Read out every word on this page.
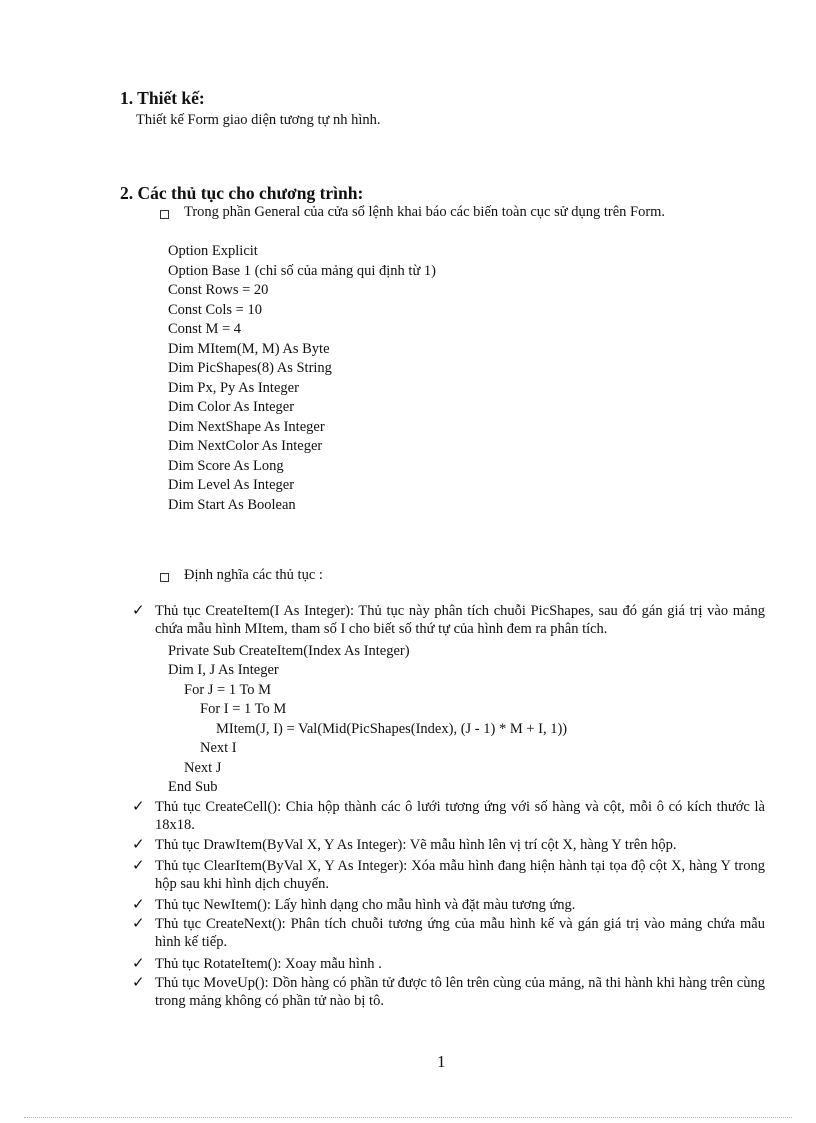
1. Thiết kế:
Thiết kế Form giao diện tương tự nh hình.
2. Các thủ tục cho chương trình:
Trong phần General của cửa sổ lệnh khai báo các biến toàn cục sử dụng trên Form.
Option Explicit
Option Base 1 (chỉ số của mảng qui định từ 1)
Const Rows = 20
Const Cols = 10
Const M = 4
Dim MItem(M, M) As Byte
Dim PicShapes(8) As String
Dim Px, Py As Integer
Dim Color As Integer
Dim NextShape As Integer
Dim NextColor As Integer
Dim Score As Long
Dim Level As Integer
Dim Start As Boolean
Định nghĩa các thủ tục :
✓ Thủ tục CreateItem(I As Integer): Thủ tục này phân tích chuỗi PicShapes, sau đó gán giá trị vào mảng chứa mẫu hình MItem, tham số I cho biết số thứ tự của hình đem ra phân tích.
Private Sub CreateItem(Index As Integer)
Dim I, J As Integer
For J = 1 To M
For I = 1 To M
MItem(J, I) = Val(Mid(PicShapes(Index), (J - 1) * M + I, 1))
Next I
Next J
End Sub
✓ Thủ tục CreateCell(): Chia hộp thành các ô lưới tương ứng với số hàng và cột, mỗi ô có kích thước là 18x18.
✓ Thủ tục DrawItem(ByVal X, Y As Integer): Vẽ mẫu hình lên vị trí cột X, hàng Y trên hộp.
✓ Thủ tục ClearItem(ByVal X, Y As Integer): Xóa mẫu hình đang hiện hành tại tọa độ cột X, hàng Y trong hộp sau khi hình dịch chuyển.
✓ Thủ tục NewItem(): Lấy hình dạng cho mẫu hình và đặt màu tương ứng.
✓ Thủ tục CreateNext(): Phân tích chuỗi tương ứng của mẫu hình kế và gán giá trị vào mảng chứa mẫu hình kế tiếp.
✓ Thủ tục RotateItem(): Xoay mẫu hình .
✓ Thủ tục MoveUp(): Dồn hàng có phần tử được tô lên trên cùng của mảng, nã thi hành khi hàng trên cùng trong mảng không có phần tử nào bị tô.
1
